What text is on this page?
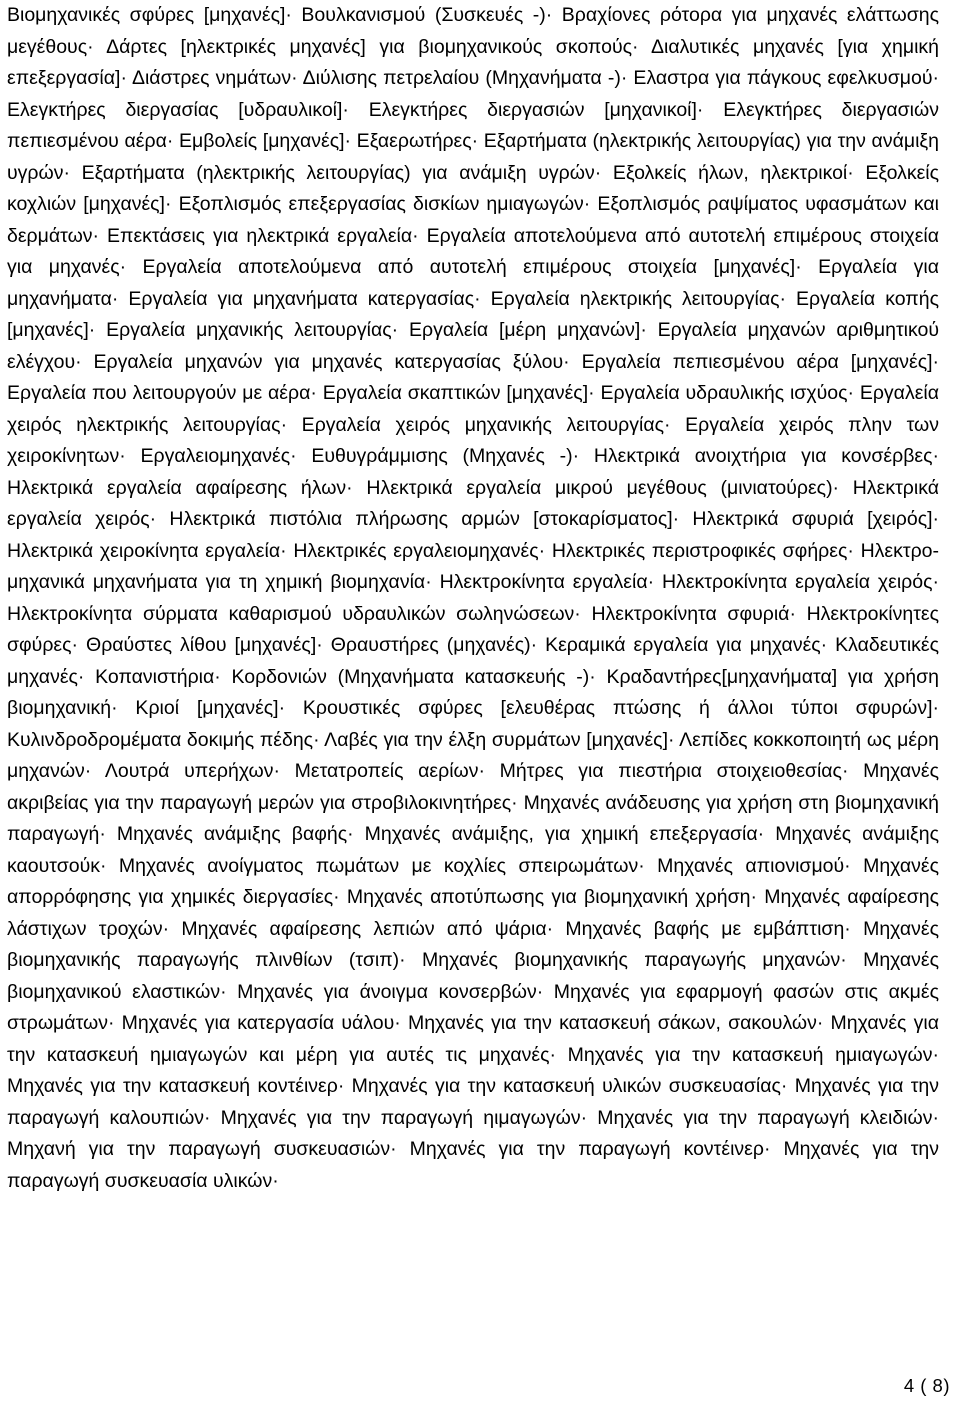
Βιομηχανικές σφύρες [μηχανές]· Βουλκανισμού (Συσκευές -)· Βραχίονες ρότορα για μηχανές ελάττωσης μεγέθους· Δάρτες [ηλεκτρικές μηχανές] για βιομηχανικούς σκοπούς· Διαλυτικές μηχανές [για χημική επεξεργασία]· Διάστρες νημάτων· Διύλισης πετρελαίου (Μηχανήματα -)· Ελαστρα για πάγκους εφελκυσμού· Ελεγκτήρες διεργασίας [υδραυλικοί]· Ελεγκτήρες διεργασιών [μηχανικοί]· Ελεγκτήρες διεργασιών πεπιεσμένου αέρα· Εμβολείς [μηχανές]· Εξαερωτήρες· Εξαρτήματα (ηλεκτρικής λειτουργίας) για την ανάμιξη υγρών· Εξαρτήματα (ηλεκτρικής λειτουργίας) για ανάμιξη υγρών· Εξολκείς ήλων, ηλεκτρικοί· Εξολκείς κοχλιών [μηχανές]· Εξοπλισμός επεξεργασίας δισκίων ημιαγωγών· Εξοπλισμός ραψίματος υφασμάτων και δερμάτων· Επεκτάσεις για ηλεκτρικά εργαλεία· Εργαλεία αποτελούμενα από αυτοτελή επιμέρους στοιχεία για μηχανές· Εργαλεία αποτελούμενα από αυτοτελή επιμέρους στοιχεία [μηχανές]· Εργαλεία για μηχανήματα· Εργαλεία για μηχανήματα κατεργασίας· Εργαλεία ηλεκτρικής λειτουργίας· Εργαλεία κοπής [μηχανές]· Εργαλεία μηχανικής λειτουργίας· Εργαλεία [μέρη μηχανών]· Εργαλεία μηχανών αριθμητικού ελέγχου· Εργαλεία μηχανών για μηχανές κατεργασίας ξύλου· Εργαλεία πεπιεσμένου αέρα [μηχανές]· Εργαλεία που λειτουργούν με αέρα· Εργαλεία σκαπτικών [μηχανές]· Εργαλεία υδραυλικής ισχύος· Εργαλεία χειρός ηλεκτρικής λειτουργίας· Εργαλεία χειρός μηχανικής λειτουργίας· Εργαλεία χειρός πλην των χειροκίνητων· Εργαλειομηχανές· Ευθυγράμμισης (Μηχανές -)· Ηλεκτρικά ανοιχτήρια για κονσέρβες· Ηλεκτρικά εργαλεία αφαίρεσης ήλων· Ηλεκτρικά εργαλεία μικρού μεγέθους (μινιατούρες)· Ηλεκτρικά εργαλεία χειρός· Ηλεκτρικά πιστόλια πλήρωσης αρμών [στοκαρίσματος]· Ηλεκτρικά σφυριά [χειρός]· Ηλεκτρικά χειροκίνητα εργαλεία· Ηλεκτρικές εργαλειομηχανές· Ηλεκτρικές περιστροφικές σφήρες· Ηλεκτρο-μηχανικά μηχανήματα για τη χημική βιομηχανία· Ηλεκτροκίνητα εργαλεία· Ηλεκτροκίνητα εργαλεία χειρός· Ηλεκτροκίνητα σύρματα καθαρισμού υδραυλικών σωληνώσεων· Ηλεκτροκίνητα σφυριά· Ηλεκτροκίνητες σφύρες· Θραύστες λίθου [μηχανές]· Θραυστήρες (μηχανές)· Κεραμικά εργαλεία για μηχανές· Κλαδευτικές μηχανές· Κοπανιστήρια· Κορδονιών (Μηχανήματα κατασκευής -)· Κραδαντήρες[μηχανήματα] για χρήση βιομηχανική· Κριοί [μηχανές]· Κρουστικές σφύρες [ελευθέρας πτώσης ή άλλοι τύποι σφυρών]· Κυλινδροδρομέματα δοκιμής πέδης· Λαβές για την έλξη συρμάτων [μηχανές]· Λεπίδες κοκκοποιητή ως μέρη μηχανών· Λουτρά υπερήχων· Μετατροπείς αερίων· Μήτρες για πιεστήρια στοιχειοθεσίας· Μηχανές ακριβείας για την παραγωγή μερών για στροβιλοκινητήρες· Μηχανές ανάδευσης για χρήση στη βιομηχανική παραγωγή· Μηχανές ανάμιξης βαφής· Μηχανές ανάμιξης, για χημική επεξεργασία· Μηχανές ανάμιξης καουτσούκ· Μηχανές ανοίγματος πωμάτων με κοχλίες σπειρωμάτων· Μηχανές απιονισμού· Μηχανές απορρόφησης για χημικές διεργασίες· Μηχανές αποτύπωσης για βιομηχανική χρήση· Μηχανές αφαίρεσης λάστιχων τροχών· Μηχανές αφαίρεσης λεπιών από ψάρια· Μηχανές βαφής με εμβάπτιση· Μηχανές βιομηχανικής παραγωγής πλινθίων (τσιπ)· Μηχανές βιομηχανικής παραγωγής μηχανών· Μηχανές βιομηχανικού ελαστικών· Μηχανές για άνοιγμα κονσερβών· Μηχανές για εφαρμογή φασών στις ακμές στρωμάτων· Μηχανές για κατεργασία υάλου· Μηχανές για την κατασκευή σάκων, σακουλών· Μηχανές για την κατασκευή ημιαγωγών και μέρη για αυτές τις μηχανές· Μηχανές για την κατασκευή ημιαγωγών· Μηχανές για την κατασκευή κοντέινερ· Μηχανές για την κατασκευή υλικών συσκευασίας· Μηχανές για την παραγωγή καλουπιών· Μηχανές για την παραγωγή ηιμαγωγών· Μηχανές για την παραγωγή κλειδιών· Μηχανή για την παραγωγή συσκευασιών· Μηχανές για την παραγωγή κοντέινερ· Μηχανές για την παραγωγή συσκευασία υλικών·

4 ( 8)
